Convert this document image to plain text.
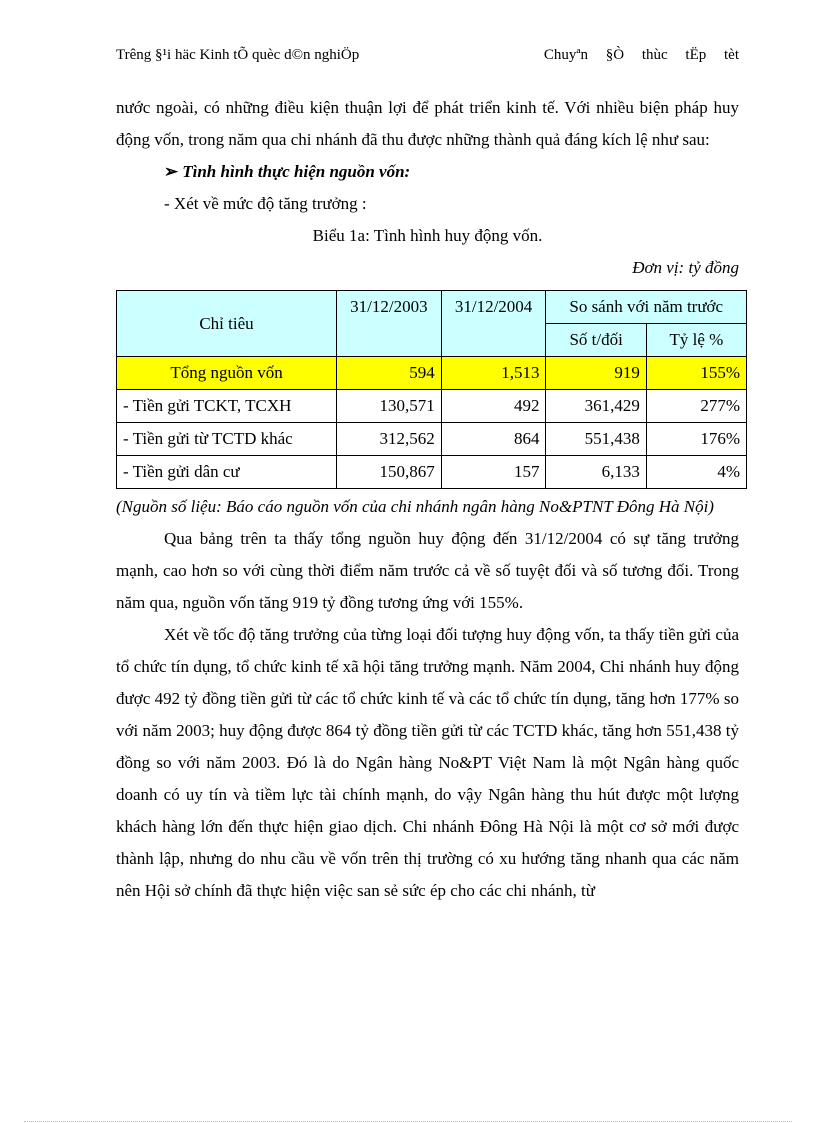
Trêng §¹i häc Kinh tÕ quèc d©n nghiÖp	Chuyªn §Ò thùc tËp tèt

nước ngoài, có những điều kiện thuận lợi để phát triển kinh tế. Với nhiều biện pháp huy động vốn, trong năm qua chi nhánh đã thu được những thành quả đáng kích lệ như sau:

➢ Tình hình thực hiện nguồn vốn:
- Xét về mức độ tăng trưởng :
Biểu 1a: Tình hình huy động vốn.
Đơn vị: tỷ đồng
Chỉ tiêu	31/12/2003	31/12/2004	So sánh với năm trước	
			Số t/đối	Tỷ lệ %
Tổng nguồn vốn	594	1,513	919	155%
- Tiền gửi TCKT, TCXH	130,571	492	361,429	277%
- Tiền gửi từ TCTD khác	312,562	864	551,438	176%
- Tiền gửi dân cư	150,867	157	6,133	4%
(Nguồn số liệu: Báo cáo nguồn vốn của chi nhánh ngân hàng No&PTNT Đông Hà Nội)

Qua bảng trên ta thấy tổng nguồn huy động đến 31/12/2004 có sự tăng trưởng mạnh, cao hơn so với cùng thời điểm năm trước cả về số tuyệt đối và số tương đối. Trong năm qua, nguồn vốn tăng 919 tỷ đồng tương ứng với 155%.

Xét về tốc độ tăng trưởng của từng loại đối tượng huy động vốn, ta thấy tiền gửi của tổ chức tín dụng, tổ chức kinh tế xã hội tăng trưởng mạnh. Năm 2004, Chi nhánh huy động được 492 tỷ đồng tiền gửi từ các tổ chức kinh tế và các tổ chức tín dụng, tăng hơn 177% so với năm 2003; huy động được 864 tỷ đồng tiền gửi từ các TCTD khác, tăng hơn 551,438 tỷ đồng so với năm 2003. Đó là do Ngân hàng No&PT Việt Nam là một Ngân hàng quốc doanh có uy tín và tiềm lực tài chính mạnh, do vậy Ngân hàng thu hút được một lượng khách hàng lớn đến thực hiện giao dịch. Chi nhánh Đông Hà Nội là một cơ sở mới được thành lập, nhưng do nhu cầu về vốn trên thị trường có xu hướng tăng nhanh qua các năm nên Hội sở chính đã thực hiện việc san sẻ sức ép cho các chi nhánh, từ
